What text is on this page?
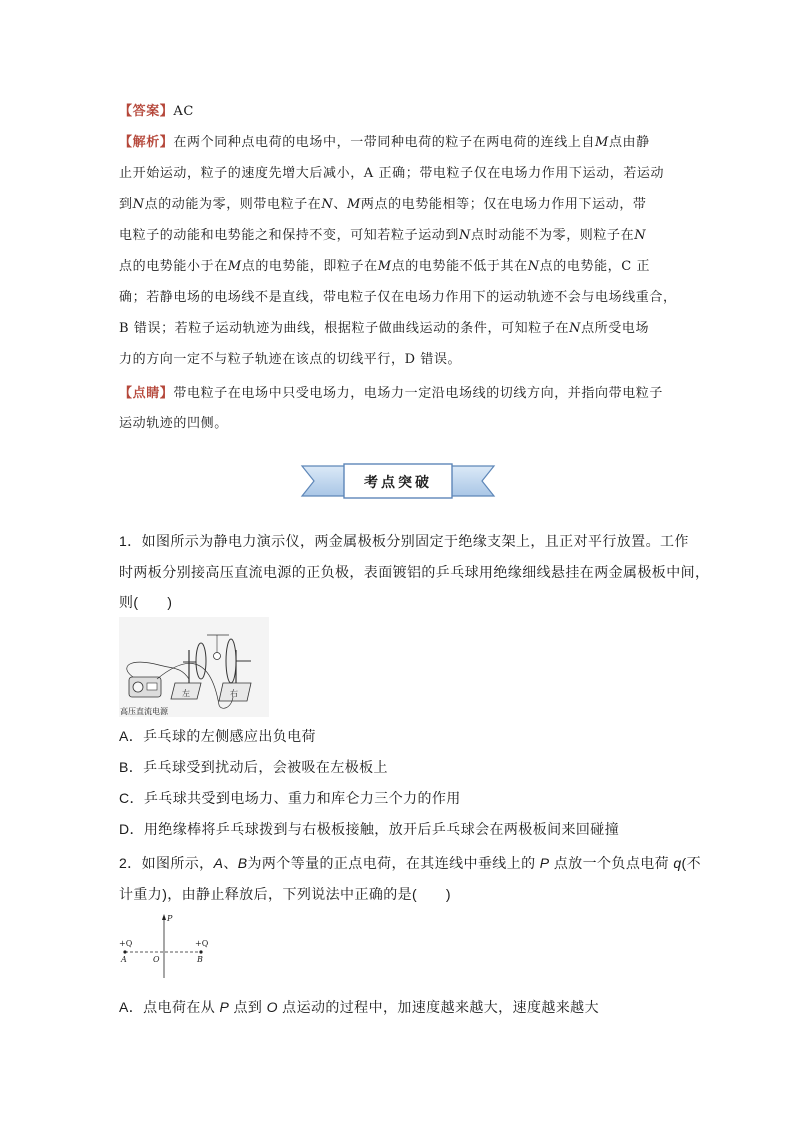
【答案】AC
【解析】在两个同种点电荷的电场中，一带同种电荷的粒子在两电荷的连线上自M点由静
止开始运动，粒子的速度先增大后减小，A 正确；带电粒子仅在电场力作用下运动，若运动
到N点的动能为零，则带电粒子在N、M两点的电势能相等；仅在电场力作用下运动，带
电粒子的动能和电势能之和保持不变，可知若粒子运动到N点时动能不为零，则粒子在N
点的电势能小于在M点的电势能，即粒子在M点的电势能不低于其在N点的电势能，C 正
确；若静电场的电场线不是直线，带电粒子仅在电场力作用下的运动轨迹不会与电场线重合，
B 错误；若粒子运动轨迹为曲线，根据粒子做曲线运动的条件，可知粒子在N点所受电场
力的方向一定不与粒子轨迹在该点的切线平行，D 错误。
【点睛】带电粒子在电场中只受电场力，电场力一定沿电场线的切线方向，并指向带电粒子
运动轨迹的凹侧。
考点突破
1．如图所示为静电力演示仪，两金属极板分别固定于绝缘支架上，且正对平行放置。工作
时两板分别接高压直流电源的正负极，表面镀铝的乒乓球用绝缘细线悬挂在两金属极板中间，
则(　　)
左	右
高压直流电源
A．乒乓球的左侧感应出负电荷
B．乒乓球受到扰动后，会被吸在左极板上
C．乒乓球共受到电场力、重力和库仑力三个力的作用
D．用绝缘棒将乒乓球拨到与右极板接触，放开后乒乓球会在两极板间来回碰撞
2．如图所示，A、B为两个等量的正点电荷，在其连线中垂线上的 P 点放一个负点电荷 q(不
计重力)，由静止释放后，下列说法中正确的是(　　)
P
+Q	+Q
A	O	B
A．点电荷在从 P 点到 O 点运动的过程中，加速度越来越大，速度越来越大
